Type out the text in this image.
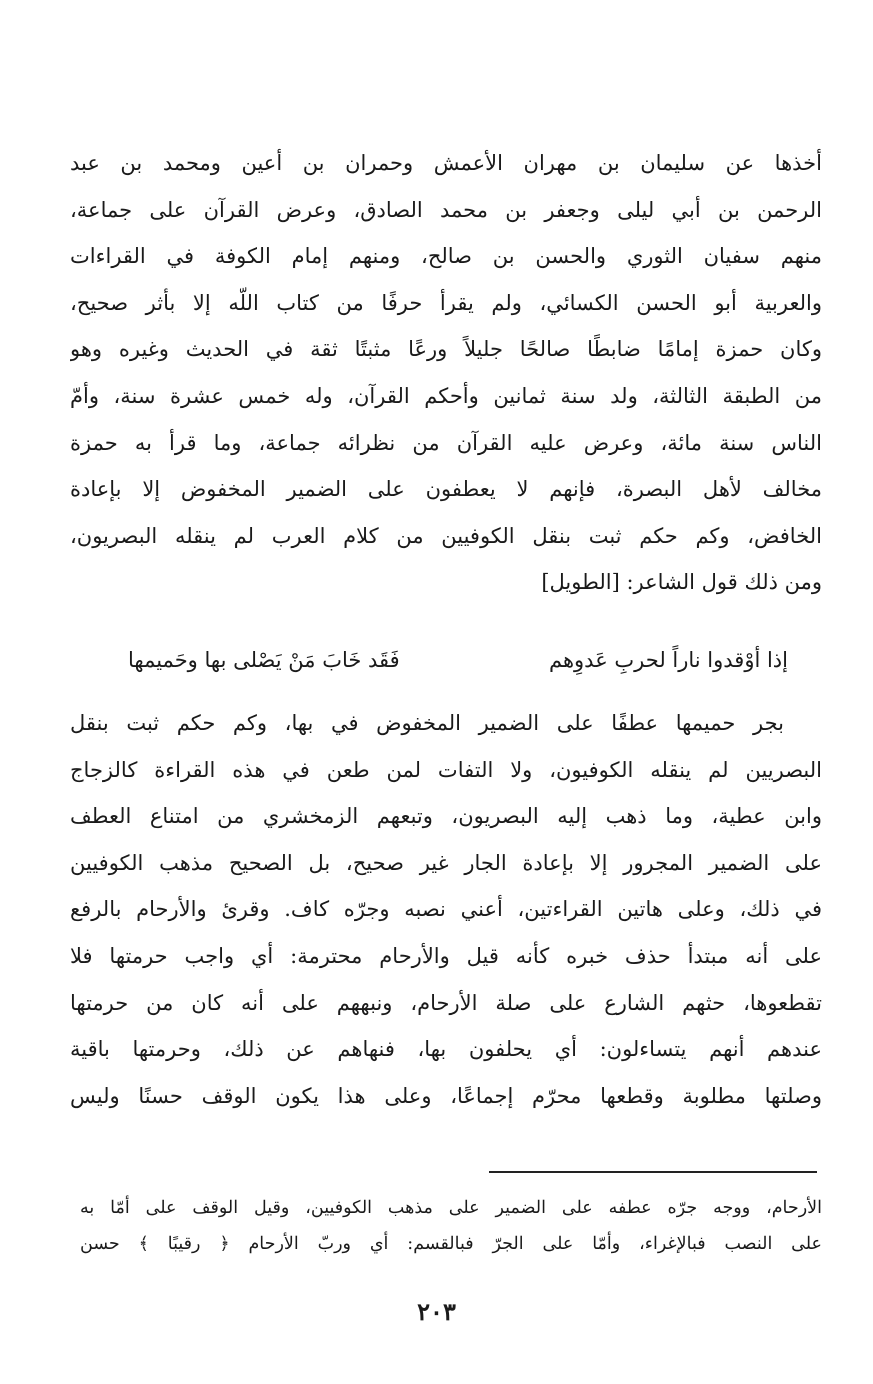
أخذها عن سليمان بن مهران الأعمش وحمران بن أعين ومحمد بن عبد
الرحمن بن أبي ليلى وجعفر بن محمد الصادق، وعرض القرآن على جماعة،
منهم سفيان الثوري والحسن بن صالح، ومنهم إمام الكوفة في القراءات
والعربية أبو الحسن الكسائي، ولم يقرأ حرفًا من كتاب اللّه إلا بأثر صحيح،
وكان حمزة إمامًا ضابطًا صالحًا جليلاً ورعًا مثبتًا ثقة في الحديث وغيره وهو
من الطبقة الثالثة، ولد سنة ثمانين وأحكم القرآن، وله خمس عشرة سنة، وأمّ
الناس سنة مائة، وعرض عليه القرآن من نظرائه جماعة، وما قرأ به حمزة
مخالف لأهل البصرة، فإنهم لا يعطفون على الضمير المخفوض إلا بإعادة
الخافض، وكم حكم ثبت بنقل الكوفيين من كلام العرب لم ينقله البصريون،
ومن ذلك قول الشاعر: [الطويل]
إذا أوْقدوا ناراً لحربِ عَدوِهم
فَقَد خَابَ مَنْ يَصْلى بها وحَميمها
بجر حميمها عطفًا على الضمير المخفوض في بها، وكم حكم ثبت بنقل
البصريين لم ينقله الكوفيون، ولا التفات لمن طعن في هذه القراءة كالزجاج
وابن عطية، وما ذهب إليه البصريون، وتبعهم الزمخشري من امتناع العطف
على الضمير المجرور إلا بإعادة الجار غير صحيح، بل الصحيح مذهب الكوفيين
في ذلك، وعلى هاتين القراءتين، أعني نصبه وجرّه كاف. وقرئ والأرحام بالرفع
على أنه مبتدأ حذف خبره كأنه قيل والأرحام محترمة: أي واجب حرمتها فلا
تقطعوها، حثهم الشارع على صلة الأرحام، ونبههم على أنه كان من حرمتها
عندهم أنهم يتساءلون: أي يحلفون بها، فنهاهم عن ذلك، وحرمتها باقية
وصلتها مطلوبة وقطعها محرّم إجماعًا، وعلى هذا يكون الوقف حسنًا وليس
الأرحام، ووجه جرّه عطفه على الضمير على مذهب الكوفيين، وقيل الوقف على أمّا به
على النصب فبالإغراء، وأمّا على الجرّ فبالقسم: أي وربّ الأرحام ﴿ رقيبًا ﴾ حسن
٢٠٣
